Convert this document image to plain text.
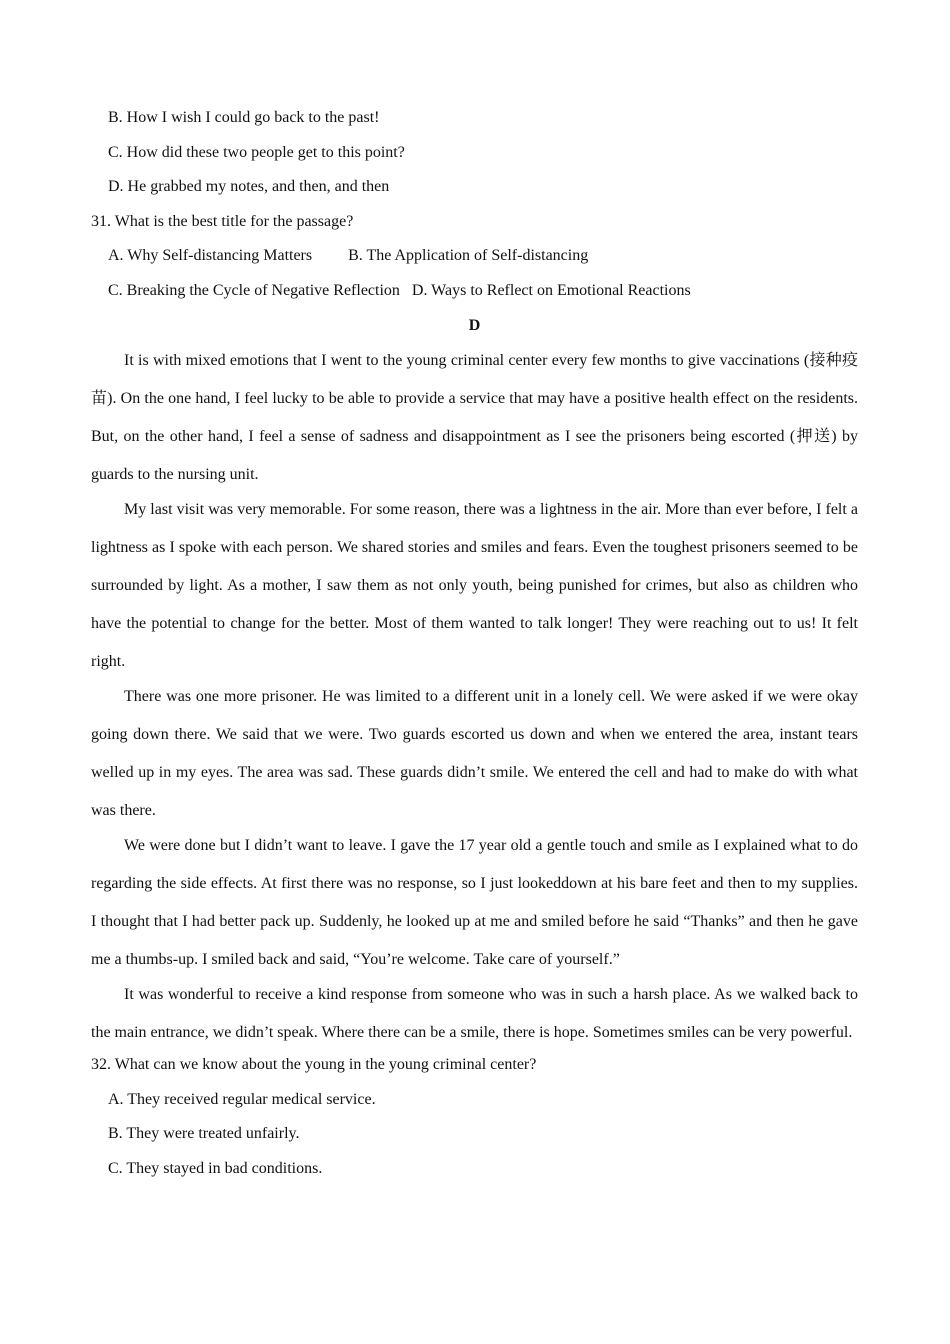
B. How I wish I could go back to the past!

C. How did these two people get to this point?

D. He grabbed my notes, and then, and then

31. What is the best title for the passage?

A. Why Self-distancing Matters B. The Application of Self-distancing

C. Breaking the Cycle of Negative Reflection D. Ways to Reflect on Emotional Reactions

D

It is with mixed emotions that I went to the young criminal center every few months to give vaccinations (接种疫苗). On the one hand, I feel lucky to be able to provide a service that may have a positive health effect on the residents. But, on the other hand, I feel a sense of sadness and disappointment as I see the prisoners being escorted (押送) by guards to the nursing unit.

My last visit was very memorable. For some reason, there was a lightness in the air. More than ever before, I felt a lightness as I spoke with each person. We shared stories and smiles and fears. Even the toughest prisoners seemed to be surrounded by light. As a mother, I saw them as not only youth, being punished for crimes, but also as children who have the potential to change for the better. Most of them wanted to talk longer! They were reaching out to us! It felt right.

There was one more prisoner. He was limited to a different unit in a lonely cell. We were asked if we were okay going down there. We said that we were. Two guards escorted us down and when we entered the area, instant tears welled up in my eyes. The area was sad. These guards didn’t smile. We entered the cell and had to make do with what was there.

We were done but I didn’t want to leave. I gave the 17 year old a gentle touch and smile as I explained what to do regarding the side effects. At first there was no response, so I just lookeddown at his bare feet and then to my supplies. I thought that I had better pack up. Suddenly, he looked up at me and smiled before he said “Thanks” and then he gave me a thumbs-up. I smiled back and said, “You’re welcome. Take care of yourself.”

It was wonderful to receive a kind response from someone who was in such a harsh place. As we walked back to the main entrance, we didn’t speak. Where there can be a smile, there is hope. Sometimes smiles can be very powerful.

32. What can we know about the young in the young criminal center?

A. They received regular medical service.

B. They were treated unfairly.

C. They stayed in bad conditions.
